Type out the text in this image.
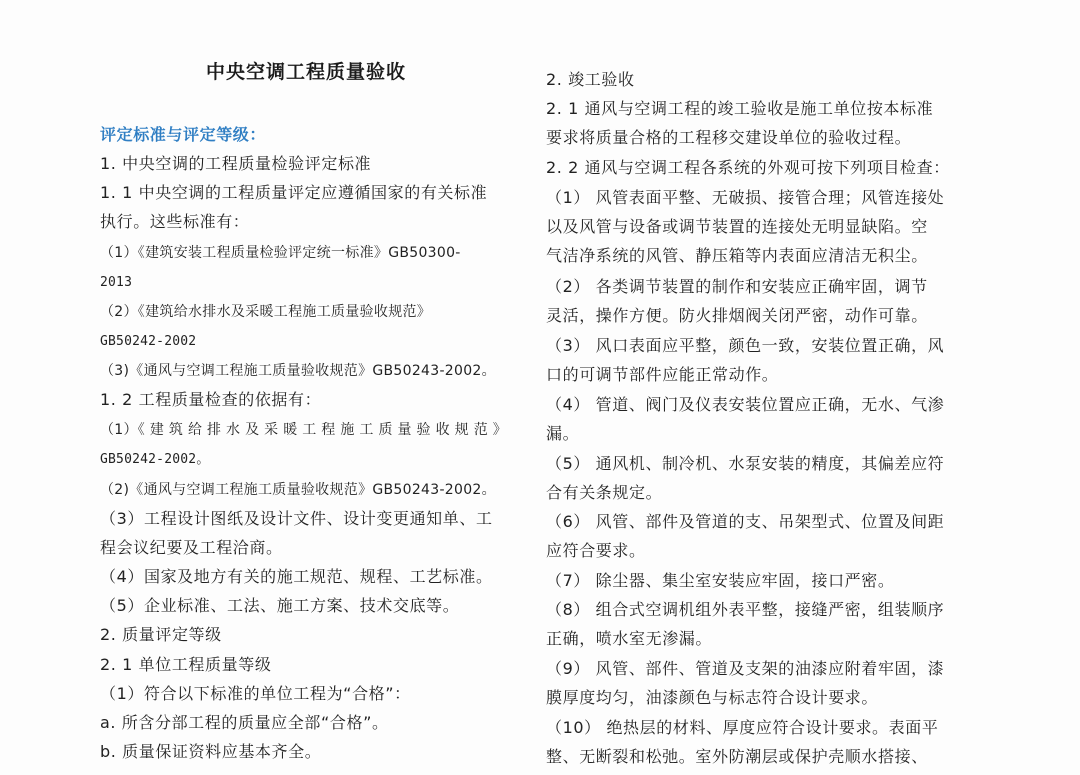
中央空调工程质量验收
评定标准与评定等级：
1. 中央空调的工程质量检验评定标准
1. 1 中央空调的工程质量评定应遵循国家的有关标准
执行。这些标准有：
（1）《建筑安装工程质量检验评定统一标准》GB50300-
2013
（2）《建筑给水排水及采暖工程施工质量验收规范》
GB50242-2002
（3)《通风与空调工程施工质量验收规范》GB50243-2002。
1. 2 工程质量检查的依据有：
（1）《 建 筑 给 排 水 及 采 暖 工 程 施 工 质 量 验 收 规 范 》
GB50242-2002。
（2)《通风与空调工程施工质量验收规范》GB50243-2002。
（3）工程设计图纸及设计文件、设计变更通知单、工
程会议纪要及工程洽商。
（4）国家及地方有关的施工规范、规程、工艺标准。
（5）企业标准、工法、施工方案、技术交底等。
2. 质量评定等级
2. 1 单位工程质量等级
（1）符合以下标准的单位工程为“合格”：
a. 所含分部工程的质量应全部“合格”。
b. 质量保证资料应基本齐全。
2. 竣工验收
2. 1 通风与空调工程的竣工验收是施工单位按本标准
要求将质量合格的工程移交建设单位的验收过程。
2. 2 通风与空调工程各系统的外观可按下列项目检查：
（1） 风管表面平整、无破损、接管合理；风管连接处
以及风管与设备或调节装置的连接处无明显缺陷。空
气洁净系统的风管、静压箱等内表面应清洁无积尘。
（2） 各类调节装置的制作和安装应正确牢固，调节
灵活，操作方便。防火排烟阀关闭严密，动作可靠。
（3） 风口表面应平整，颜色一致，安装位置正确，风
口的可调节部件应能正常动作。
（4） 管道、阀门及仪表安装位置应正确，无水、气渗
漏。
（5） 通风机、制冷机、水泵安装的精度，其偏差应符
合有关条规定。
（6） 风管、部件及管道的支、吊架型式、位置及间距
应符合要求。
（7） 除尘器、集尘室安装应牢固，接口严密。
（8） 组合式空调机组外表平整，接缝严密，组装顺序
正确，喷水室无渗漏。
（9） 风管、部件、管道及支架的油漆应附着牢固，漆
膜厚度均匀，油漆颜色与标志符合设计要求。
（10） 绝热层的材料、厚度应符合设计要求。表面平
整、无断裂和松弛。室外防潮层或保护壳顺水搭接、
